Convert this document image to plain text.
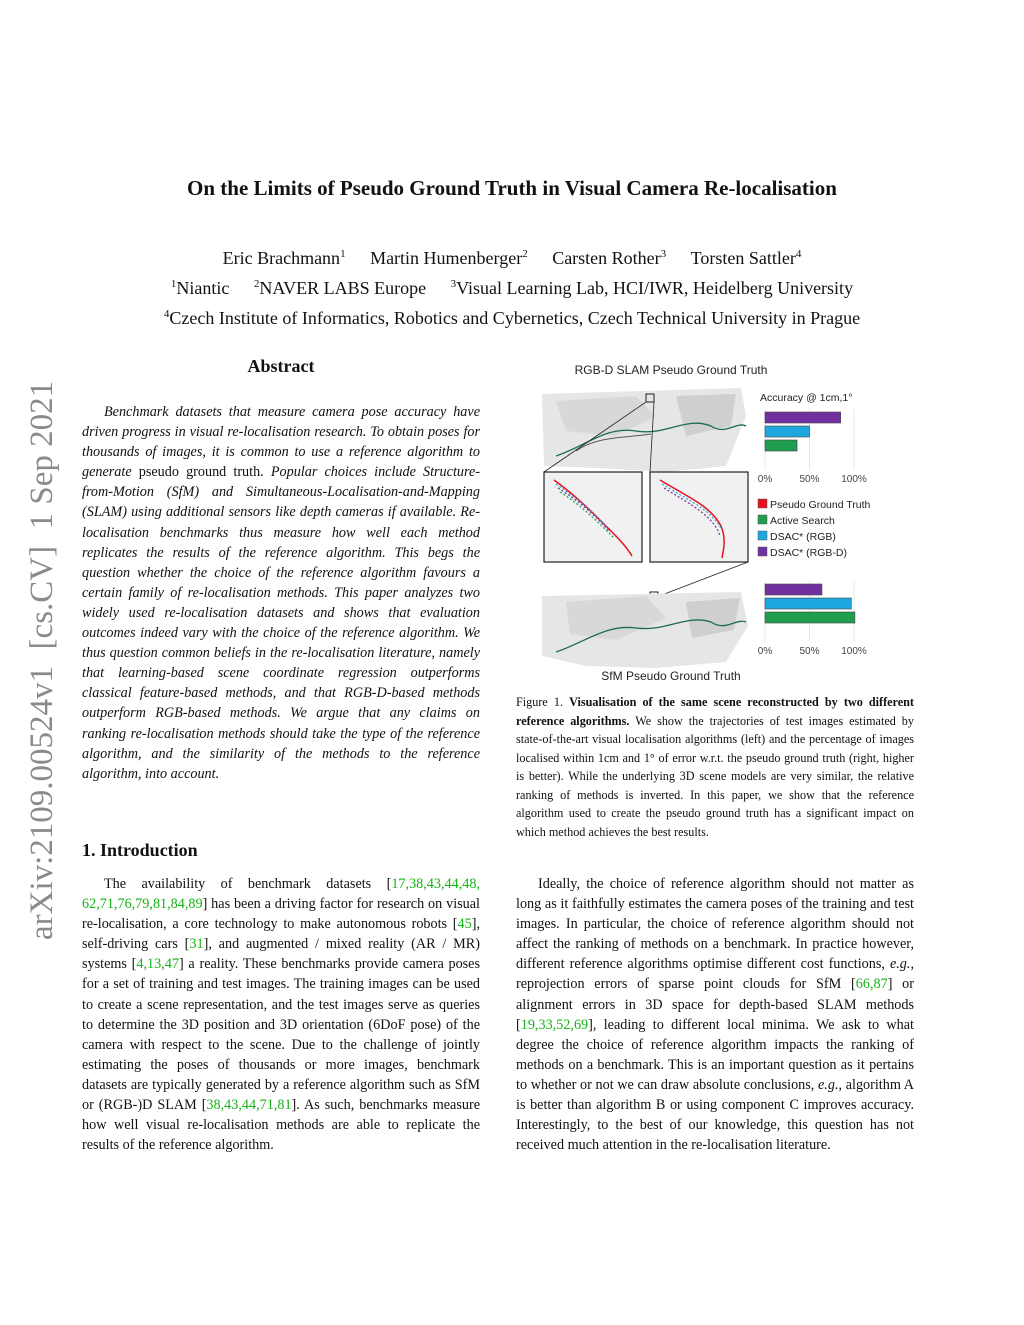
arXiv:2109.00524v1  [cs.CV]  1 Sep 2021
On the Limits of Pseudo Ground Truth in Visual Camera Re-localisation
Eric Brachmann$^1$ Martin Humenberger$^2$ Carsten Rother$^3$ Torsten Sattler$^4$
$^1$Niantic $^2$NAVER LABS Europe $^3$Visual Learning Lab, HCI/IWR, Heidelberg University
$^4$Czech Institute of Informatics, Robotics and Cybernetics, Czech Technical University in Prague
Abstract

Benchmark datasets that measure camera pose accuracy have driven progress in visual re-localisation research. To obtain poses for thousands of images, it is common to use a reference algorithm to generate pseudo ground truth. Popular choices include Structure-from-Motion (SfM) and Simultaneous-Localisation-and-Mapping (SLAM) using additional sensors like depth cameras if available. Re-localisation benchmarks thus measure how well each method replicates the results of the reference algorithm. This begs the question whether the choice of the reference algorithm favours a certain family of re-localisation methods. This paper analyzes two widely used re-localisation datasets and shows that evaluation outcomes indeed vary with the choice of the reference algorithm. We thus question common beliefs in the re-localisation literature, namely that learning-based scene coordinate regression outperforms classical feature-based methods, and that RGB-D-based methods outperform RGB-based methods. We argue that any claims on ranking re-localisation methods should take the type of the reference algorithm, and the similarity of the methods to the reference algorithm, into account.

1. Introduction

The availability of benchmark datasets [17,38,43,44,48, 62,71,76,79,81,84,89] has been a driving factor for research on visual re-localisation, a core technology to make autonomous robots [45], self-driving cars [31], and augmented / mixed reality (AR / MR) systems [4,13,47] a reality. These benchmarks provide camera poses for a set of training and test images. The training images can be used to create a scene representation, and the test images serve as queries to determine the 3D position and 3D orientation (6DoF pose) of the camera with respect to the scene. Due to the challenge of jointly estimating the poses of thousands or more images, benchmark datasets are typically generated by a reference algorithm such as SfM or (RGB-)D SLAM [38,43,44,71,81]. As such, benchmarks measure how well visual re-localisation methods are able to replicate the results of the reference algorithm.

RGB-D SLAM Pseudo Ground Truth
SfM Pseudo Ground Truth
Accuracy @ 1cm,1°
0%	50% 100%
0%	50% 100%
Pseudo Ground Truth
Active Search
DSAC* (RGB)
DSAC* (RGB-D)
Figure 1. Visualisation of the same scene reconstructed by two different reference algorithms. We show the trajectories of test images estimated by state-of-the-art visual localisation algorithms (left) and the percentage of images localised within 1cm and 1° of error w.r.t. the pseudo ground truth (right, higher is better). While the underlying 3D scene models are very similar, the relative ranking of methods is inverted. In this paper, we show that the reference algorithm used to create the pseudo ground truth has a significant impact on which method achieves the best results.

Ideally, the choice of reference algorithm should not matter as long as it faithfully estimates the camera poses of the training and test images. In particular, the choice of reference algorithm should not affect the ranking of methods on a benchmark. In practice however, different reference algorithms optimise different cost functions, e.g., reprojection errors of sparse point clouds for SfM [66,87] or alignment errors in 3D space for depth-based SLAM methods [19,33,52,69], leading to different local minima. We ask to what degree the choice of reference algorithm impacts the ranking of methods on a benchmark. This is an important question as it pertains to whether or not we can draw absolute conclusions, e.g., algorithm A is better than algorithm B or using component C improves accuracy. Interestingly, to the best of our knowledge, this question has not received much attention in the re-localisation literature.
